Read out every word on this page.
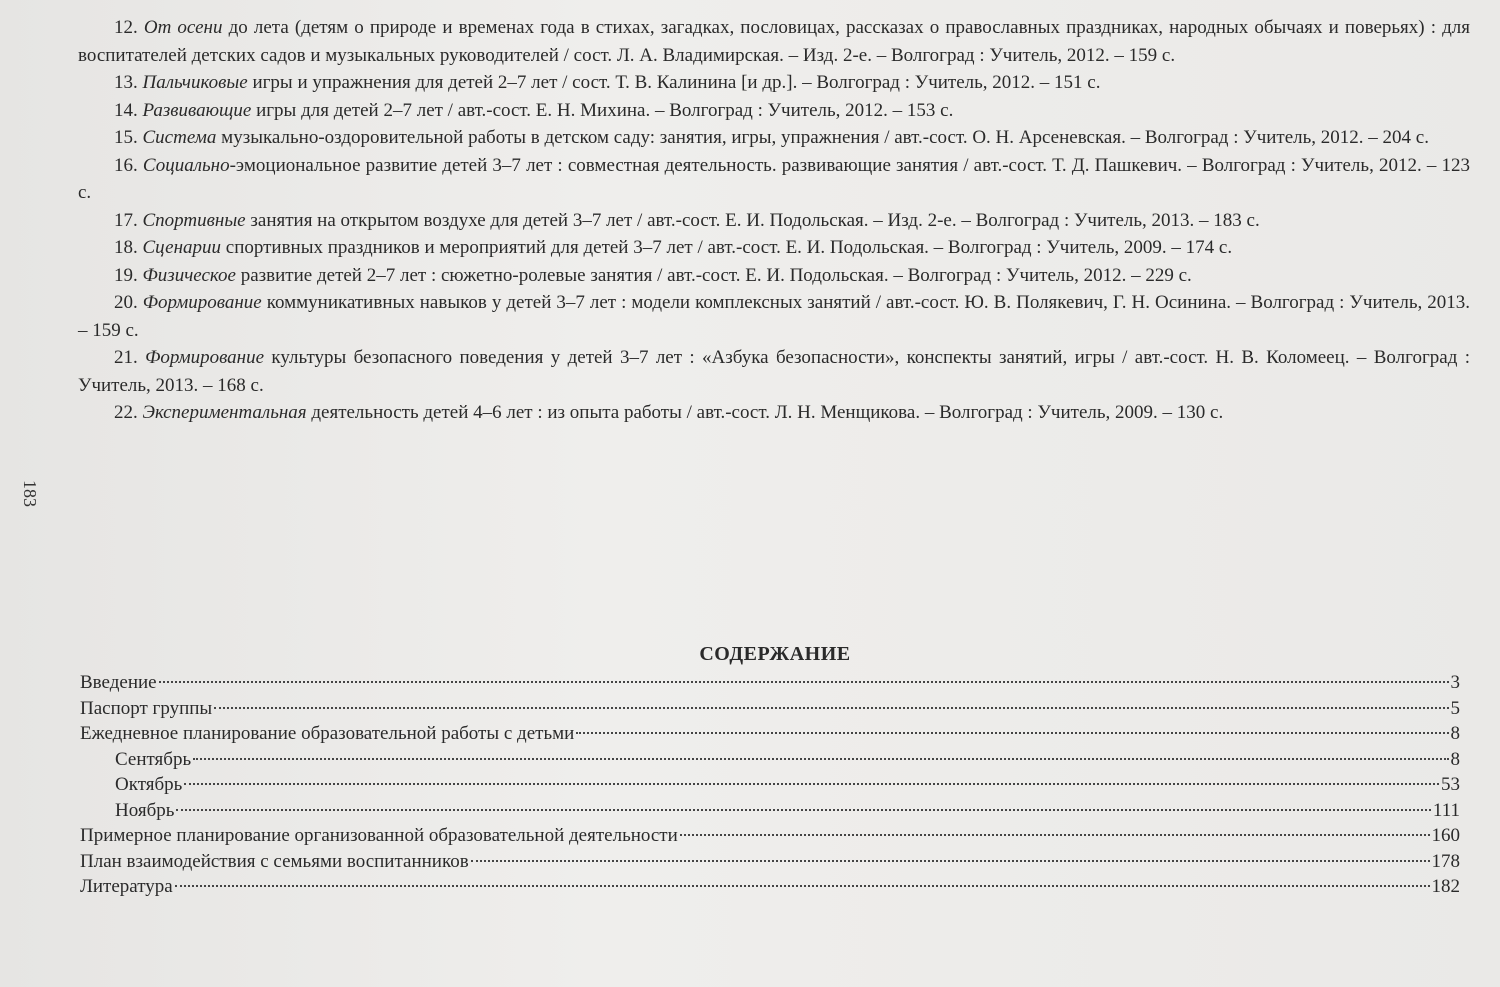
183

12. От осени до лета (детям о природе и временах года в стихах, загадках, пословицах, рассказах о православных праздниках, народных обычаях и поверьях) : для воспитателей детских садов и музыкальных руководителей / сост. Л. А. Владимирская. – Изд. 2-е. – Волгоград : Учитель, 2012. – 159 с.

13. Пальчиковые игры и упражнения для детей 2–7 лет / сост. Т. В. Калинина [и др.]. – Волгоград : Учитель, 2012. – 151 с.

14. Развивающие игры для детей 2–7 лет / авт.-сост. Е. Н. Михина. – Волгоград : Учитель, 2012. – 153 с.

15. Система музыкально-оздоровительной работы в детском саду: занятия, игры, упражнения / авт.-сост. О. Н. Арсеневская. – Волгоград : Учитель, 2012. – 204 с.

16. Социально-эмоциональное развитие детей 3–7 лет : совместная деятельность. развивающие занятия / авт.-сост. Т. Д. Пашкевич. – Волгоград : Учитель, 2012. – 123 с.

17. Спортивные занятия на открытом воздухе для детей 3–7 лет / авт.-сост. Е. И. Подольская. – Изд. 2-е. – Волгоград : Учитель, 2013. – 183 с.

18. Сценарии спортивных праздников и мероприятий для детей 3–7 лет / авт.-сост. Е. И. Подольская. – Волгоград : Учитель, 2009. – 174 с.

19. Физическое развитие детей 2–7 лет : сюжетно-ролевые занятия / авт.-сост. Е. И. Подольская. – Волгоград : Учитель, 2012. – 229 с.

20. Формирование коммуникативных навыков у детей 3–7 лет : модели комплексных занятий / авт.-сост. Ю. В. Полякевич, Г. Н. Осинина. – Волгоград : Учитель, 2013. – 159 с.

21. Формирование культуры безопасного поведения у детей 3–7 лет : «Азбука безопасности», конспекты занятий, игры / авт.-сост. Н. В. Коломеец. – Волгоград : Учитель, 2013. – 168 с.

22. Экспериментальная деятельность детей 4–6 лет : из опыта работы / авт.-сост. Л. Н. Менщикова. – Волгоград : Учитель, 2009. – 130 с.

СОДЕРЖАНИЕ
Введение	3
Паспорт группы	5
Ежедневное планирование образовательной работы с детьми	8
Сентябрь	8
Октябрь	53
Ноябрь	111
Примерное планирование организованной образовательной деятельности	160
План взаимодействия с семьями воспитанников	178
Литература	182
